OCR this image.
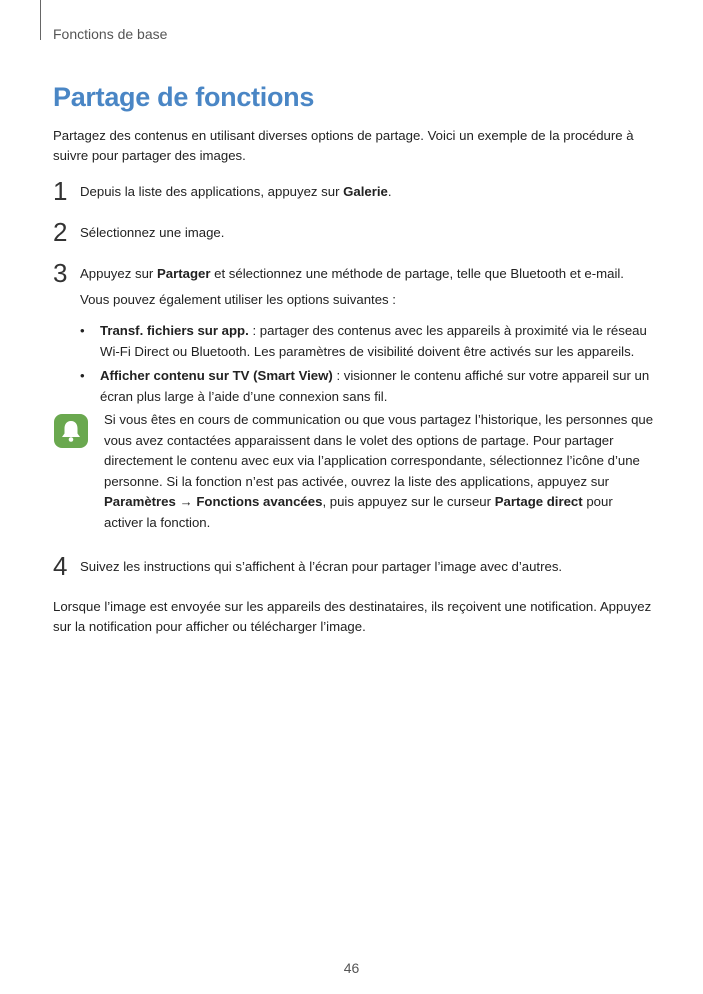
Fonctions de base
Partage de fonctions
Partagez des contenus en utilisant diverses options de partage. Voici un exemple de la procédure à suivre pour partager des images.
1 Depuis la liste des applications, appuyez sur Galerie.
2 Sélectionnez une image.
3 Appuyez sur Partager et sélectionnez une méthode de partage, telle que Bluetooth et e-mail.
Vous pouvez également utiliser les options suivantes :
• Transf. fichiers sur app. : partager des contenus avec les appareils à proximité via le réseau Wi-Fi Direct ou Bluetooth. Les paramètres de visibilité doivent être activés sur les appareils.
• Afficher contenu sur TV (Smart View) : visionner le contenu affiché sur votre appareil sur un écran plus large à l’aide d’une connexion sans fil.
Si vous êtes en cours de communication ou que vous partagez l’historique, les personnes que vous avez contactées apparaissent dans le volet des options de partage. Pour partager directement le contenu avec eux via l’application correspondante, sélectionnez l’icône d’une personne. Si la fonction n’est pas activée, ouvrez la liste des applications, appuyez sur Paramètres → Fonctions avancées, puis appuyez sur le curseur Partage direct pour activer la fonction.
4 Suivez les instructions qui s’affichent à l’écran pour partager l’image avec d’autres.
Lorsque l’image est envoyée sur les appareils des destinataires, ils reçoivent une notification. Appuyez sur la notification pour afficher ou télécharger l’image.
46
